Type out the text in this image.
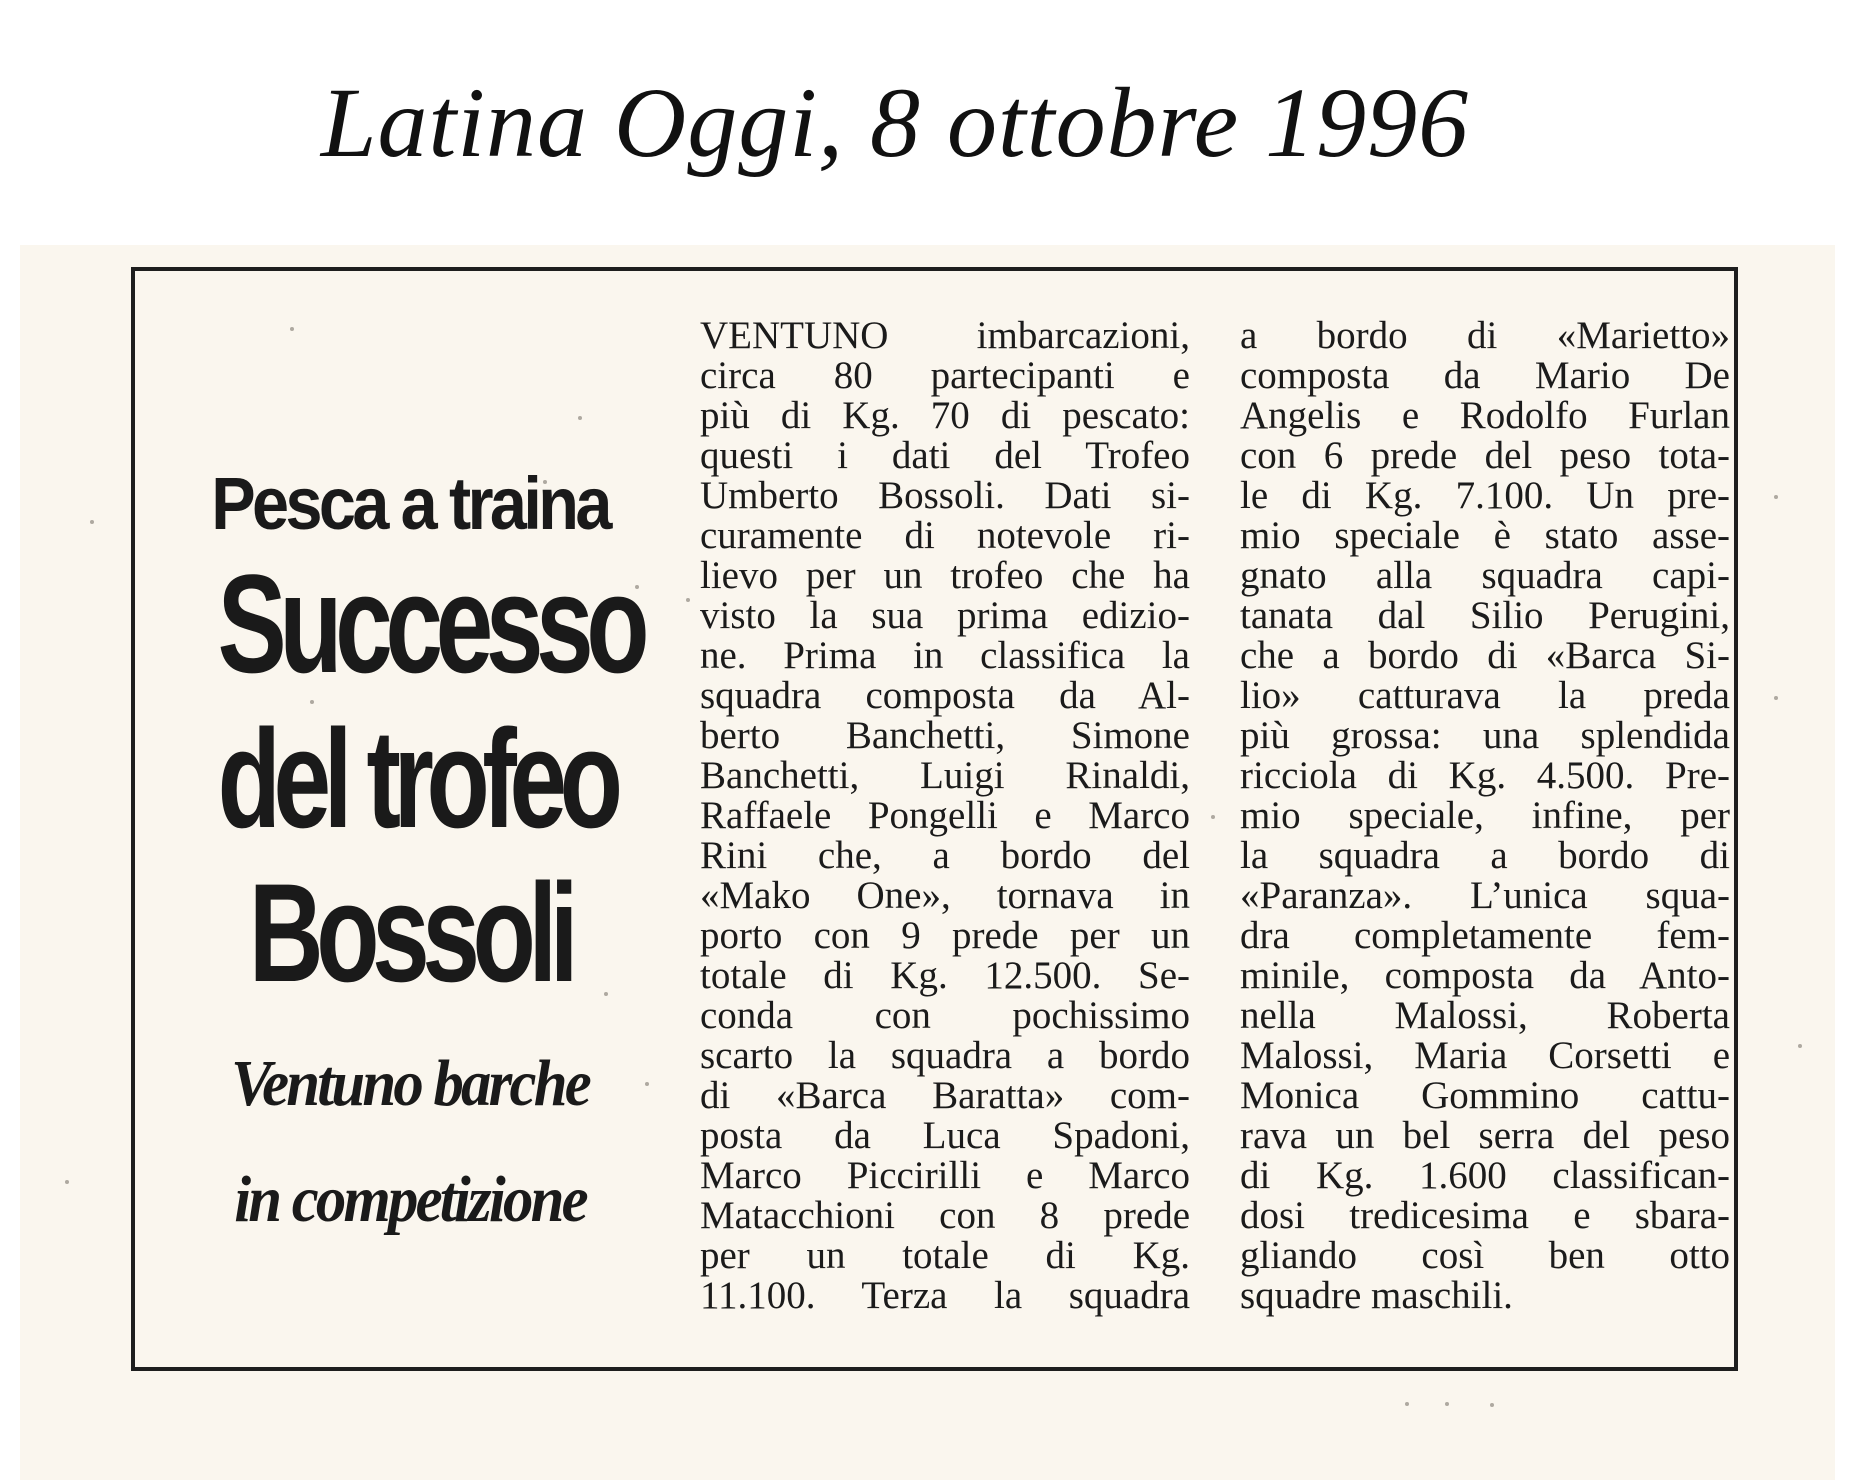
Latina Oggi, 8 ottobre 1996
Pesca a traina
Successo
del trofeo
Bossoli
Ventuno barche
in competizione
VENTUNO imbarcazioni,
circa 80 partecipanti e
più di Kg. 70 di pescato:
questi i dati del Trofeo
Umberto Bossoli. Dati si-
curamente di notevole ri-
lievo per un trofeo che ha
visto la sua prima edizio-
ne. Prima in classifica la
squadra composta da Al-
berto Banchetti, Simone
Banchetti, Luigi Rinaldi,
Raffaele Pongelli e Marco
Rini che, a bordo del
«Mako One», tornava in
porto con 9 prede per un
totale di Kg. 12.500. Se-
conda con pochissimo
scarto la squadra a bordo
di «Barca Baratta» com-
posta da Luca Spadoni,
Marco Piccirilli e Marco
Matacchioni con 8 prede
per un totale di Kg.
11.100. Terza la squadra
a bordo di «Marietto»
composta da Mario De
Angelis e Rodolfo Furlan
con 6 prede del peso tota-
le di Kg. 7.100. Un pre-
mio speciale è stato asse-
gnato alla squadra capi-
tanata dal Silio Perugini,
che a bordo di «Barca Si-
lio» catturava la preda
più grossa: una splendida
ricciola di Kg. 4.500. Pre-
mio speciale, infine, per
la squadra a bordo di
«Paranza». L’unica squa-
dra completamente fem-
minile, composta da Anto-
nella Malossi, Roberta
Malossi, Maria Corsetti e
Monica Gommino cattu-
rava un bel serra del peso
di Kg. 1.600 classifican-
dosi tredicesima e sbara-
gliando così ben otto
squadre maschili.
